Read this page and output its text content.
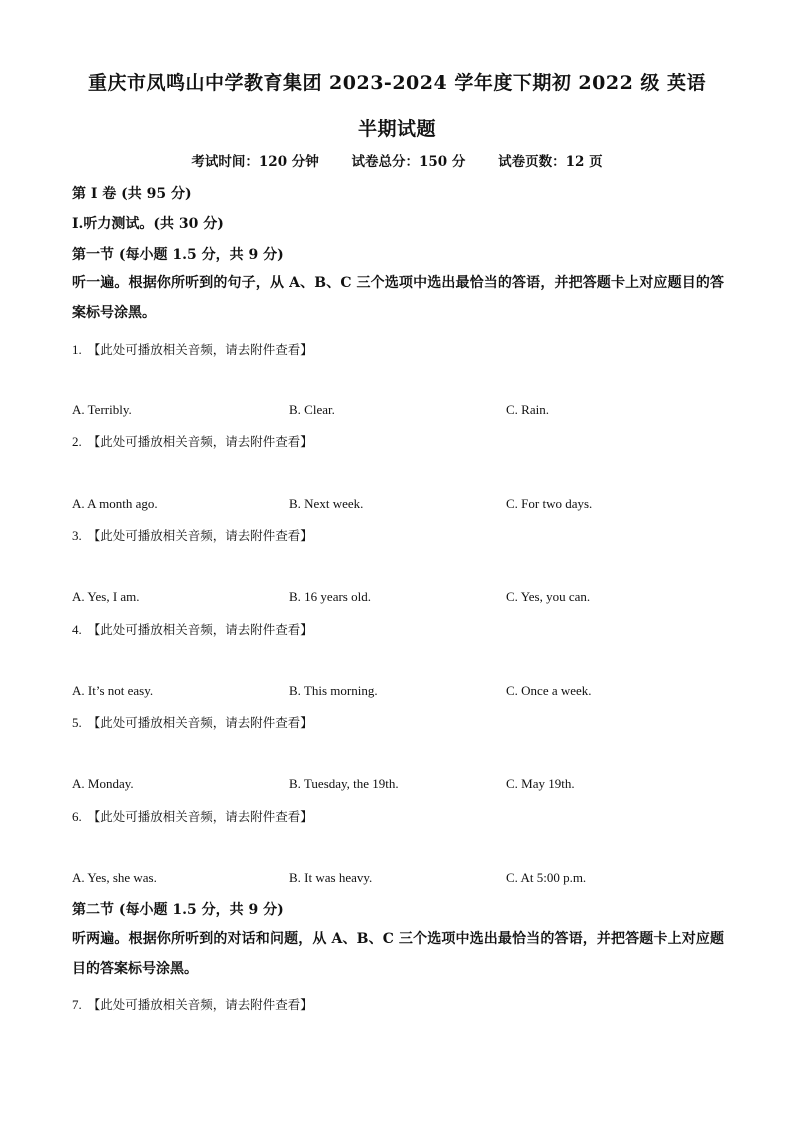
重庆市凤鸣山中学教育集团 2023-2024 学年度下期初 2022 级 英语
半期试题
考试时间：120 分钟 试卷总分：150 分 试卷页数：12 页
第 I 卷 (共 95 分)
Ⅰ.听力测试。(共 30 分)
第一节 (每小题 1.5 分，共 9 分)
听一遍。根据你所听到的句子，从 A、B、C 三个选项中选出最恰当的答语，并把答题卡上对应题目的答案标号涂黑。
1. 【此处可播放相关音频，请去附件查看】
A. Terribly.	B. Clear.	C. Rain.
2. 【此处可播放相关音频，请去附件查看】
A. A month ago.	B. Next week.	C. For two days.
3. 【此处可播放相关音频，请去附件查看】
A. Yes, I am.	B. 16 years old.	C. Yes, you can.
4. 【此处可播放相关音频，请去附件查看】
A. It’s not easy.	B. This morning.	C. Once a week.
5. 【此处可播放相关音频，请去附件查看】
A. Monday.	B. Tuesday, the 19th.	C. May 19th.
6. 【此处可播放相关音频，请去附件查看】
A. Yes, she was.	B. It was heavy.	C. At 5:00 p.m.
第二节 (每小题 1.5 分，共 9 分)
听两遍。根据你所听到的对话和问题，从 A、B、C 三个选项中选出最恰当的答语，并把答题卡上对应题目的答案标号涂黑。
7. 【此处可播放相关音频，请去附件查看】
